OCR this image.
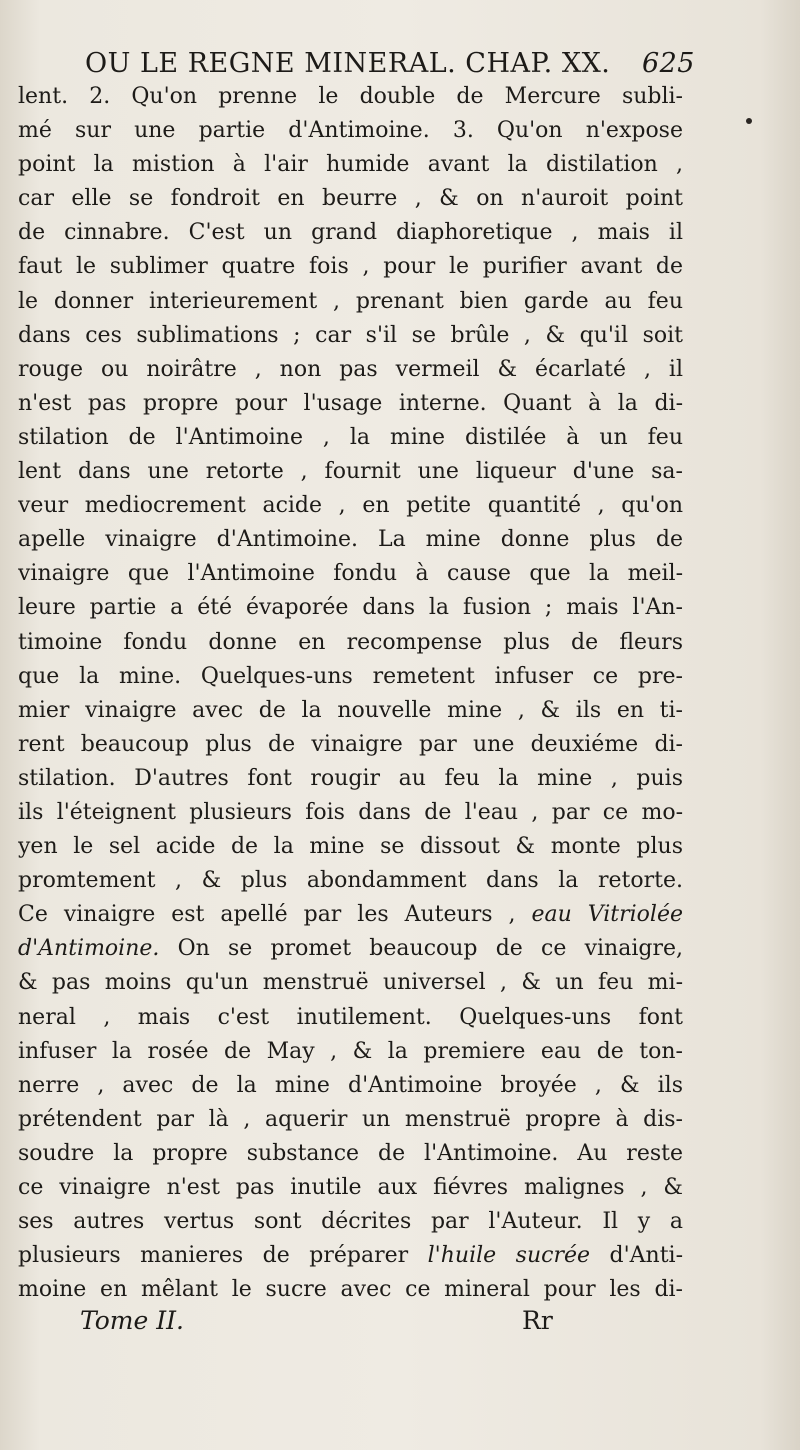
OU LE REGNE MINERAL. CHAP. XX. 625
lent. 2. Qu'on prenne le double de Mercure subli-
mé sur une partie d'Antimoine. 3. Qu'on n'expose
point la mistion à l'air humide avant la distilation ,
car elle se fondroit en beurre , & on n'auroit point
de cinnabre. C'est un grand diaphoretique , mais il
faut le sublimer quatre fois , pour le purifier avant de
le donner interieurement , prenant bien garde au feu
dans ces sublimations ; car s'il se brûle , & qu'il soit
rouge ou noirâtre , non pas vermeil & écarlaté , il
n'est pas propre pour l'usage interne. Quant à la di-
stilation de l'Antimoine , la mine distilée à un feu
lent dans une retorte , fournit une liqueur d'une sa-
veur mediocrement acide , en petite quantité , qu'on
apelle vinaigre d'Antimoine. La mine donne plus de
vinaigre que l'Antimoine fondu à cause que la meil-
leure partie a été évaporée dans la fusion ; mais l'An-
timoine fondu donne en recompense plus de fleurs
que la mine. Quelques-uns remetent infuser ce pre-
mier vinaigre avec de la nouvelle mine , & ils en ti-
rent beaucoup plus de vinaigre par une deuxiéme di-
stilation. D'autres font rougir au feu la mine , puis
ils l'éteignent plusieurs fois dans de l'eau , par ce mo-
yen le sel acide de la mine se dissout & monte plus
promtement , & plus abondamment dans la retorte.
Ce vinaigre est apellé par les Auteurs , eau Vitriolée
d'Antimoine. On se promet beaucoup de ce vinaigre,
& pas moins qu'un menstruë universel , & un feu mi-
neral , mais c'est inutilement. Quelques-uns font
infuser la rosée de May , & la premiere eau de ton-
nerre , avec de la mine d'Antimoine broyée , & ils
prétendent par là , aquerir un menstruë propre à dis-
soudre la propre substance de l'Antimoine. Au reste
ce vinaigre n'est pas inutile aux fiévres malignes , &
ses autres vertus sont décrites par l'Auteur. Il y a
plusieurs manieres de préparer l'huile sucrée d'Anti-
moine en mêlant le sucre avec ce mineral pour les di-
Tome II.	Rr
